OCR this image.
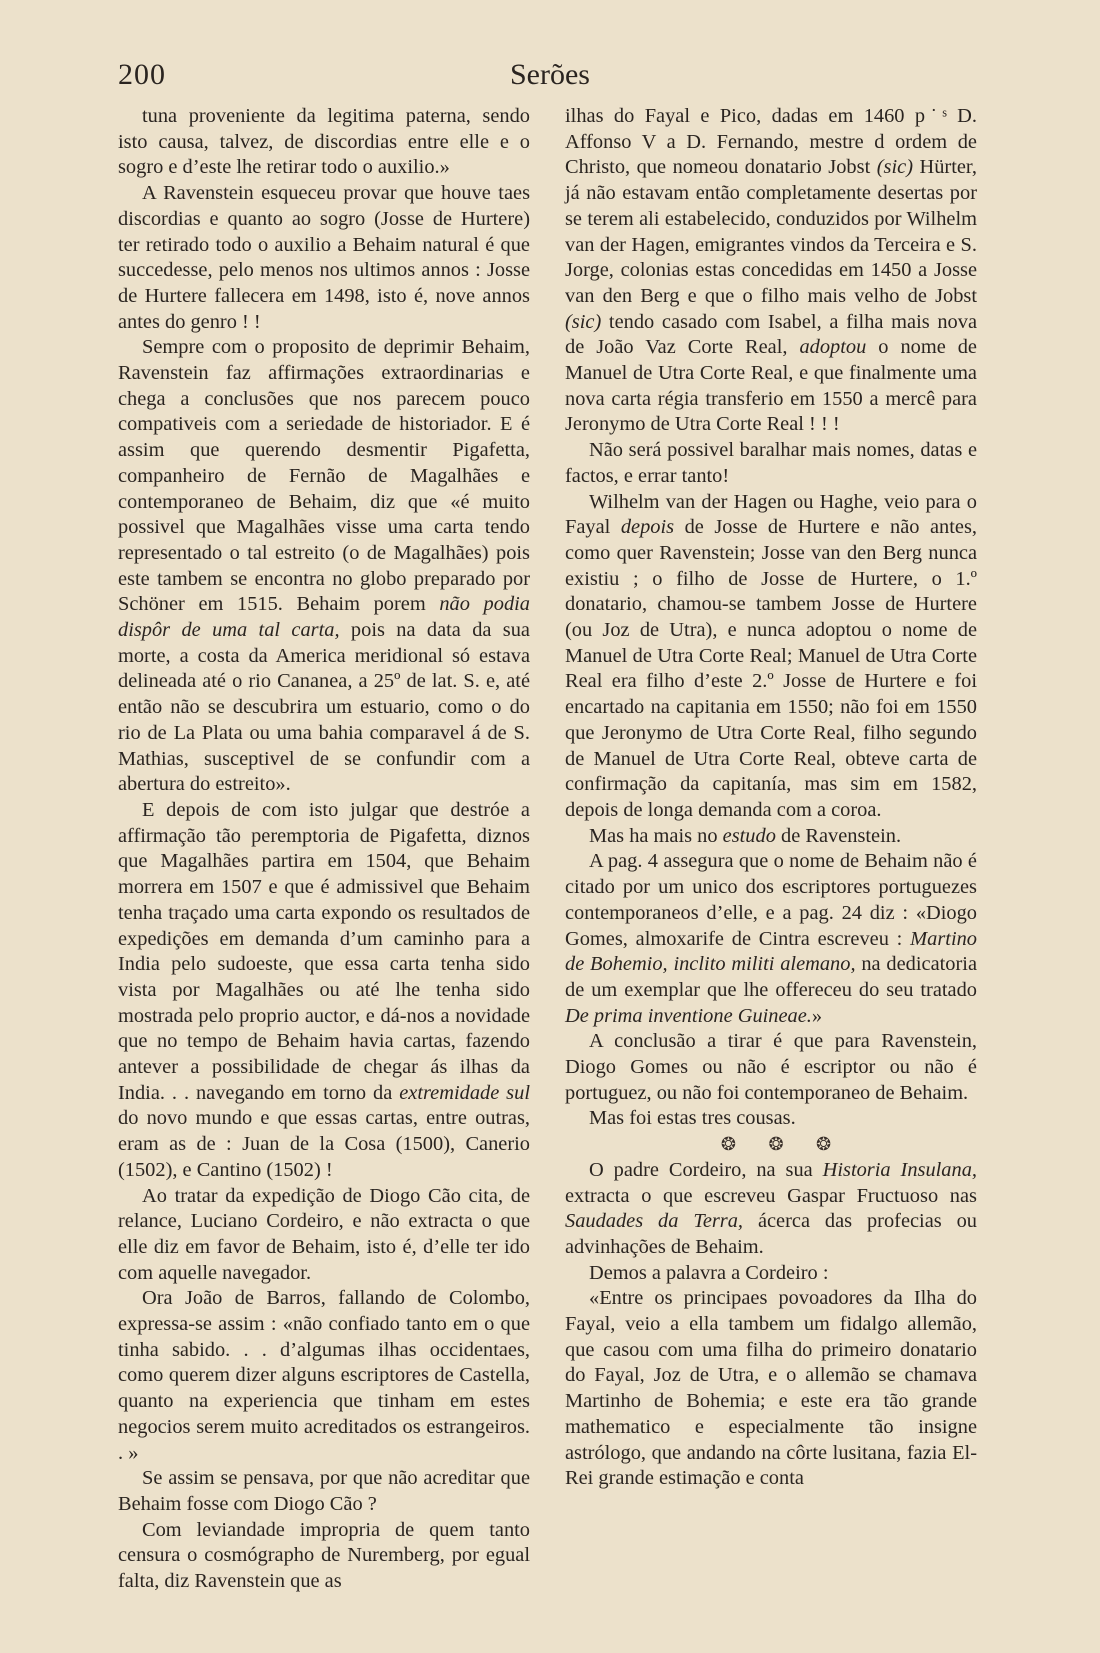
200	Serões

tuna proveniente da legitima paterna, sendo isto causa, talvez, de discordias entre elle e o sogro e d’este lhe retirar todo o auxilio.»

A Ravenstein esqueceu provar que houve taes discordias e quanto ao sogro (Josse de Hurtere) ter retirado todo o auxilio a Behaim natural é que succedesse, pelo menos nos ultimos annos : Josse de Hurtere fallecera em 1498, isto é, nove annos antes do genro ! !

Sempre com o proposito de deprimir Behaim, Ravenstein faz affirmações extraordinarias e chega a conclusões que nos parecem pouco compativeis com a seriedade de historiador. E é assim que querendo desmentir Pigafetta, companheiro de Fernão de Magalhães e contemporaneo de Behaim, diz que «é muito possivel que Magalhães visse uma carta tendo representado o tal estreito (o de Magalhães) pois este tambem se encontra no globo preparado por Schöner em 1515. Behaim porem não podia dispôr de uma tal carta, pois na data da sua morte, a costa da America meridional só estava delineada até o rio Cananea, a 25º de lat. S. e, até então não se descubrira um estuario, como o do rio de La Plata ou uma bahia comparavel á de S. Mathias, susceptivel de se confundir com a abertura do estreito».

E depois de com isto julgar que destróe a affirmação tão peremptoria de Pigafetta, diznos que Magalhães partira em 1504, que Behaim morrera em 1507 e que é admissivel que Behaim tenha traçado uma carta expondo os resultados de expedições em demanda d’um caminho para a India pelo sudoeste, que essa carta tenha sido vista por Magalhães ou até lhe tenha sido mostrada pelo proprio auctor, e dá-nos a novidade que no tempo de Behaim havia cartas, fazendo antever a possibilidade de chegar ás ilhas da India. . . navegando em torno da extremidade sul do novo mundo e que essas cartas, entre outras, eram as de : Juan de la Cosa (1500), Canerio (1502), e Cantino (1502) !

Ao tratar da expedição de Diogo Cão cita, de relance, Luciano Cordeiro, e não extracta o que elle diz em favor de Behaim, isto é, d’elle ter ido com aquelle navegador.

Ora João de Barros, fallando de Colombo, expressa-se assim : «não confiado tanto em o que tinha sabido. . . d’algumas ilhas occidentaes, como querem dizer alguns escriptores de Castella, quanto na experiencia que tinham em estes negocios serem muito acreditados os estrangeiros. . »

Se assim se pensava, por que não acreditar que Behaim fosse com Diogo Cão ?

Com leviandade impropria de quem tanto censura o cosmógrapho de Nuremberg, por egual falta, diz Ravenstein que as

ilhas do Fayal e Pico, dadas em 1460 p˙ˢ D. Affonso V a D. Fernando, mestre d ordem de Christo, que nomeou donatario Jobst (sic) Hürter, já não estavam então completamente desertas por se terem ali estabelecido, conduzidos por Wilhelm van der Hagen, emigrantes vindos da Terceira e S. Jorge, colonias estas concedidas em 1450 a Josse van den Berg e que o filho mais velho de Jobst (sic) tendo casado com Isabel, a filha mais nova de João Vaz Corte Real, adoptou o nome de Manuel de Utra Corte Real, e que finalmente uma nova carta régia transferio em 1550 a mercê para Jeronymo de Utra Corte Real ! ! !

Não será possivel baralhar mais nomes, datas e factos, e errar tanto!

Wilhelm van der Hagen ou Haghe, veio para o Fayal depois de Josse de Hurtere e não antes, como quer Ravenstein; Josse van den Berg nunca existiu ; o filho de Josse de Hurtere, o 1.º donatario, chamou-se tambem Josse de Hurtere (ou Joz de Utra), e nunca adoptou o nome de Manuel de Utra Corte Real; Manuel de Utra Corte Real era filho d’este 2.º Josse de Hurtere e foi encartado na capitania em 1550; não foi em 1550 que Jeronymo de Utra Corte Real, filho segundo de Manuel de Utra Corte Real, obteve carta de confirmação da capitanía, mas sim em 1582, depois de longa demanda com a coroa.

Mas ha mais no estudo de Ravenstein.

A pag. 4 assegura que o nome de Behaim não é citado por um unico dos escriptores portuguezes contemporaneos d’elle, e a pag. 24 diz : «Diogo Gomes, almoxarife de Cintra escreveu : Martino de Bohemio, inclito militi alemano, na dedicatoria de um exemplar que lhe offereceu do seu tratado De prima inventione Guineae.»

A conclusão a tirar é que para Ravenstein, Diogo Gomes ou não é escriptor ou não é portuguez, ou não foi contemporaneo de Behaim.

Mas foi estas tres cousas.

❂ ❂ ❂

O padre Cordeiro, na sua Historia Insulana, extracta o que escreveu Gaspar Fructuoso nas Saudades da Terra, ácerca das profecias ou advinhações de Behaim.

Demos a palavra a Cordeiro :

«Entre os principaes povoadores da Ilha do Fayal, veio a ella tambem um fidalgo allemão, que casou com uma filha do primeiro donatario do Fayal, Joz de Utra, e o allemão se chamava Martinho de Bohemia; e este era tão grande mathematico e especialmente tão insigne astrólogo, que andando na côrte lusitana, fazia El-Rei grande estimação e conta
